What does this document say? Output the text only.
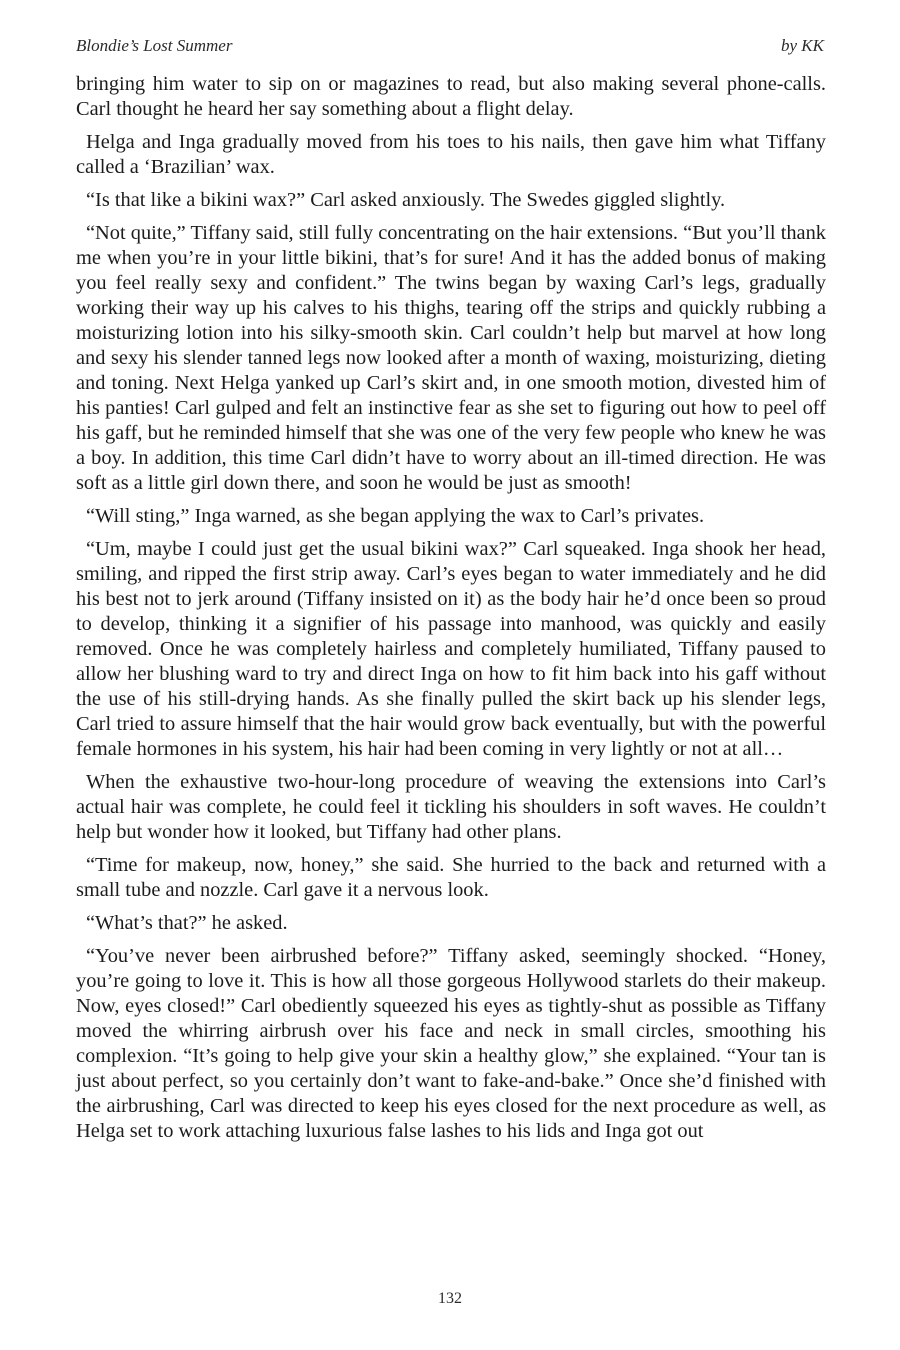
Blondie’s Lost Summer	by KK

bringing him water to sip on or magazines to read, but also making several phone-calls. Carl thought he heard her say something about a flight delay.

Helga and Inga gradually moved from his toes to his nails, then gave him what Tiffany called a ‘Brazilian’ wax.

“Is that like a bikini wax?” Carl asked anxiously. The Swedes giggled slightly.

“Not quite,” Tiffany said, still fully concentrating on the hair extensions. “But you’ll thank me when you’re in your little bikini, that’s for sure! And it has the added bonus of making you feel really sexy and confident.” The twins began by waxing Carl’s legs, gradually working their way up his calves to his thighs, tearing off the strips and quickly rubbing a moisturizing lotion into his silky-smooth skin. Carl couldn’t help but marvel at how long and sexy his slender tanned legs now looked after a month of waxing, moisturizing, dieting and toning. Next Helga yanked up Carl’s skirt and, in one smooth motion, divested him of his panties! Carl gulped and felt an instinctive fear as she set to figuring out how to peel off his gaff, but he reminded himself that she was one of the very few people who knew he was a boy. In addition, this time Carl didn’t have to worry about an ill-timed direction. He was soft as a little girl down there, and soon he would be just as smooth!

“Will sting,” Inga warned, as she began applying the wax to Carl’s privates.

“Um, maybe I could just get the usual bikini wax?” Carl squeaked. Inga shook her head, smiling, and ripped the first strip away. Carl’s eyes began to water immediately and he did his best not to jerk around (Tiffany insisted on it) as the body hair he’d once been so proud to develop, thinking it a signifier of his passage into manhood, was quickly and easily removed. Once he was completely hairless and completely humiliated, Tiffany paused to allow her blushing ward to try and direct Inga on how to fit him back into his gaff without the use of his still-drying hands. As she finally pulled the skirt back up his slender legs, Carl tried to assure himself that the hair would grow back eventually, but with the powerful female hormones in his system, his hair had been coming in very lightly or not at all…

When the exhaustive two-hour-long procedure of weaving the extensions into Carl’s actual hair was complete, he could feel it tickling his shoulders in soft waves. He couldn’t help but wonder how it looked, but Tiffany had other plans.

“Time for makeup, now, honey,” she said. She hurried to the back and returned with a small tube and nozzle. Carl gave it a nervous look.

“What’s that?” he asked.

“You’ve never been airbrushed before?” Tiffany asked, seemingly shocked. “Honey, you’re going to love it. This is how all those gorgeous Hollywood starlets do their makeup. Now, eyes closed!” Carl obediently squeezed his eyes as tightly-shut as possible as Tiffany moved the whirring airbrush over his face and neck in small circles, smoothing his complexion. “It’s going to help give your skin a healthy glow,” she explained. “Your tan is just about perfect, so you certainly don’t want to fake-and-bake.” Once she’d finished with the airbrushing, Carl was directed to keep his eyes closed for the next procedure as well, as Helga set to work attaching luxurious false lashes to his lids and Inga got out

132
